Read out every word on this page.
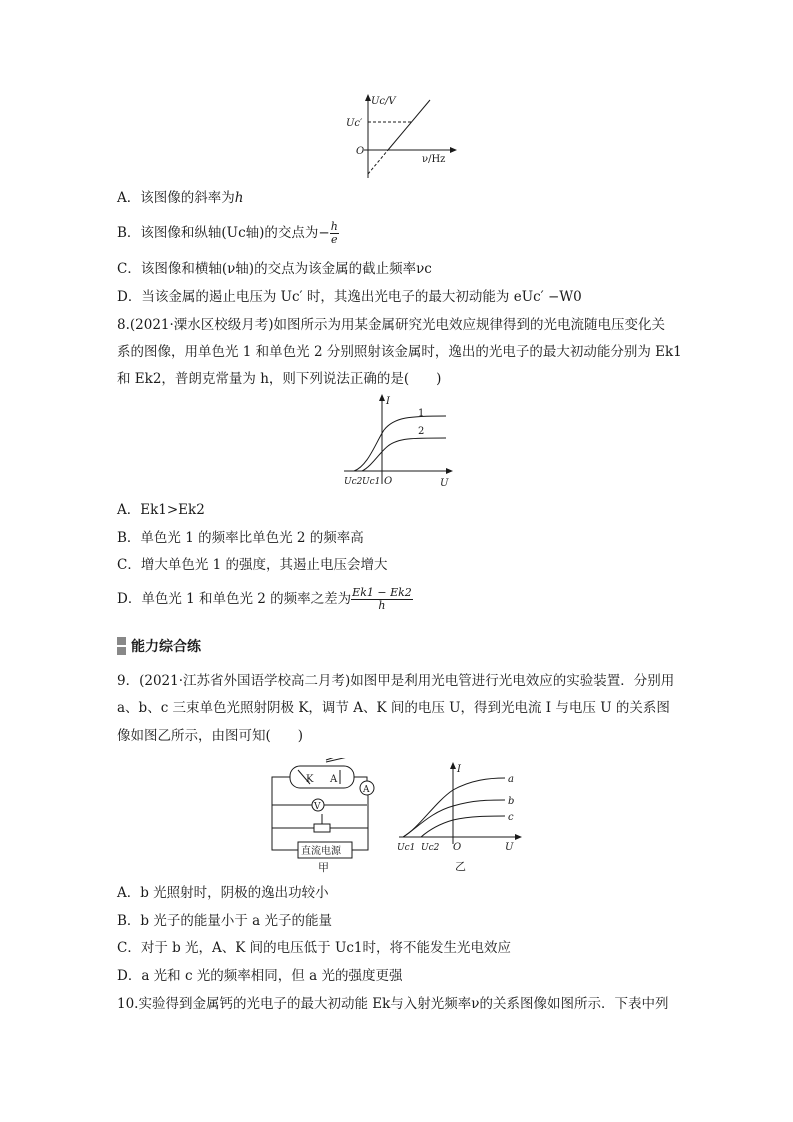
Uc/V
Uc′
O
ν/Hz
A．该图像的斜率为h
B．该图像和纵轴(Uc轴)的交点为− $\frac{h}{e}$
C．该图像和横轴(ν轴)的交点为该金属的截止频率νc
D．当该金属的遏止电压为 Uc′ 时，其逸出光电子的最大初动能为 eUc′ −W0
8.(2021·溧水区校级月考)如图所示为用某金属研究光电效应规律得到的光电流随电压变化关
系的图像，用单色光 1 和单色光 2 分别照射该金属时，逸出的光电子的最大初动能分别为 Ek1
和 Ek2，普朗克常量为 h，则下列说法正确的是(　　)
I
1
2
Uc2 Uc1 O	U
A．Ek1>Ek2
B．单色光 1 的频率比单色光 2 的频率高
C．增大单色光 1 的强度，其遏止电压会增大
D．单色光 1 和单色光 2 的频率之差为 $\frac{Ek1 - Ek2}{h}$
能力综合练
9．(2021·江苏省外国语学校高二月考)如图甲是利用光电管进行光电效应的实验装置．分别用
a、b、c 三束单色光照射阴极 K，调节 A、K 间的电压 U，得到光电流 I 与电压 U 的关系图
像如图乙所示，由图可知(　　)
K A
A
V
直流电源
甲
I
a
b
c
Uc1 Uc2 O	U
乙
A．b 光照射时，阴极的逸出功较小
B．b 光子的能量小于 a 光子的能量
C．对于 b 光，A、K 间的电压低于 Uc1时，将不能发生光电效应
D．a 光和 c 光的频率相同，但 a 光的强度更强
10.实验得到金属钙的光电子的最大初动能 Ek与入射光频率ν的关系图像如图所示．下表中列
